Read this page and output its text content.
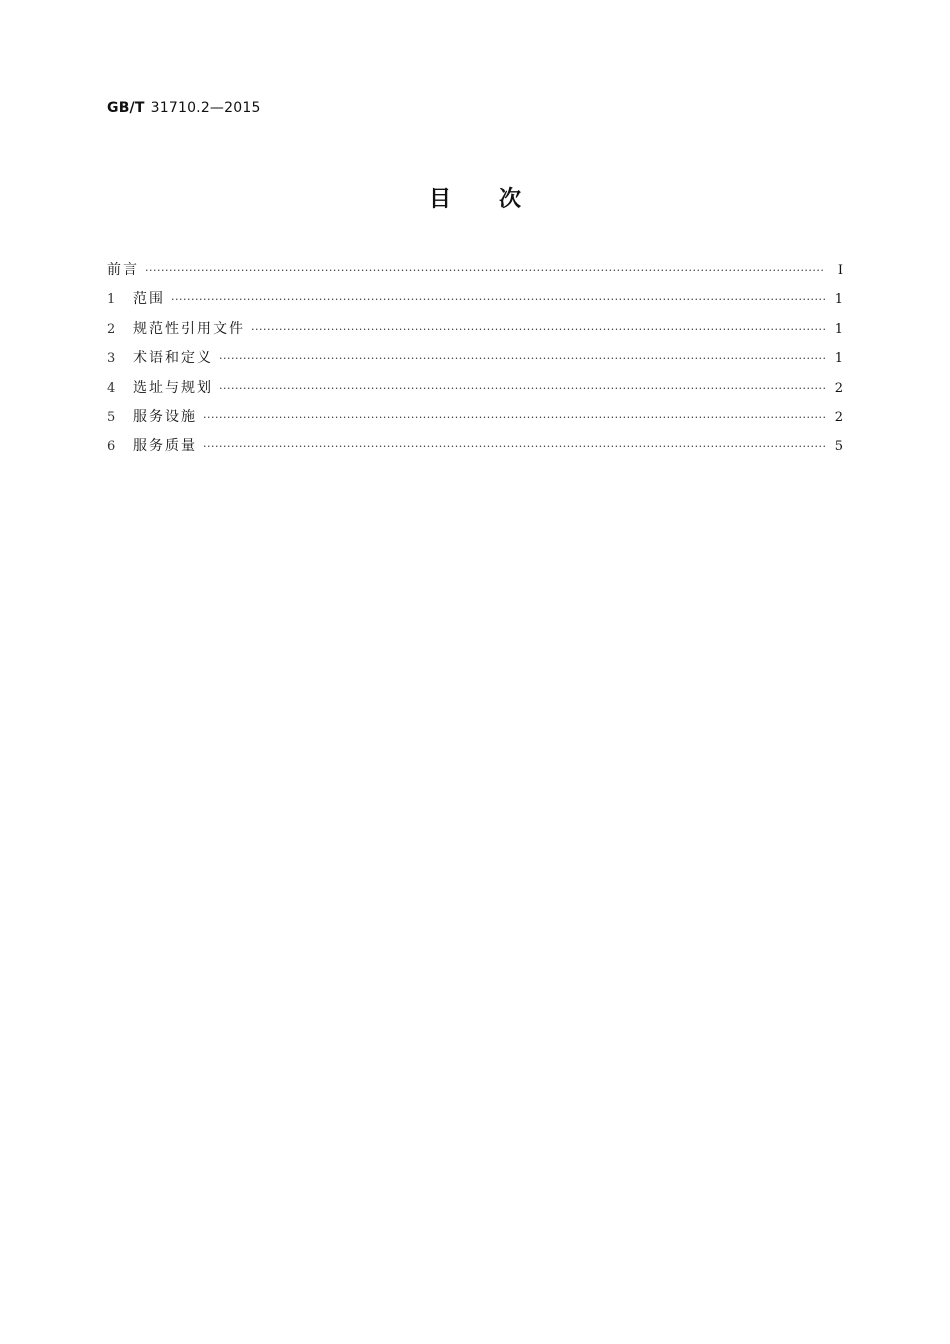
GB/T 31710.2—2015
目次
前言 ·····	Ⅰ
1	范围 ·····	1
2	规范性引用文件 ·····	1
3	术语和定义 ·····	1
4	选址与规划 ·····	2
5	服务设施 ·····	2
6	服务质量 ·····	5
